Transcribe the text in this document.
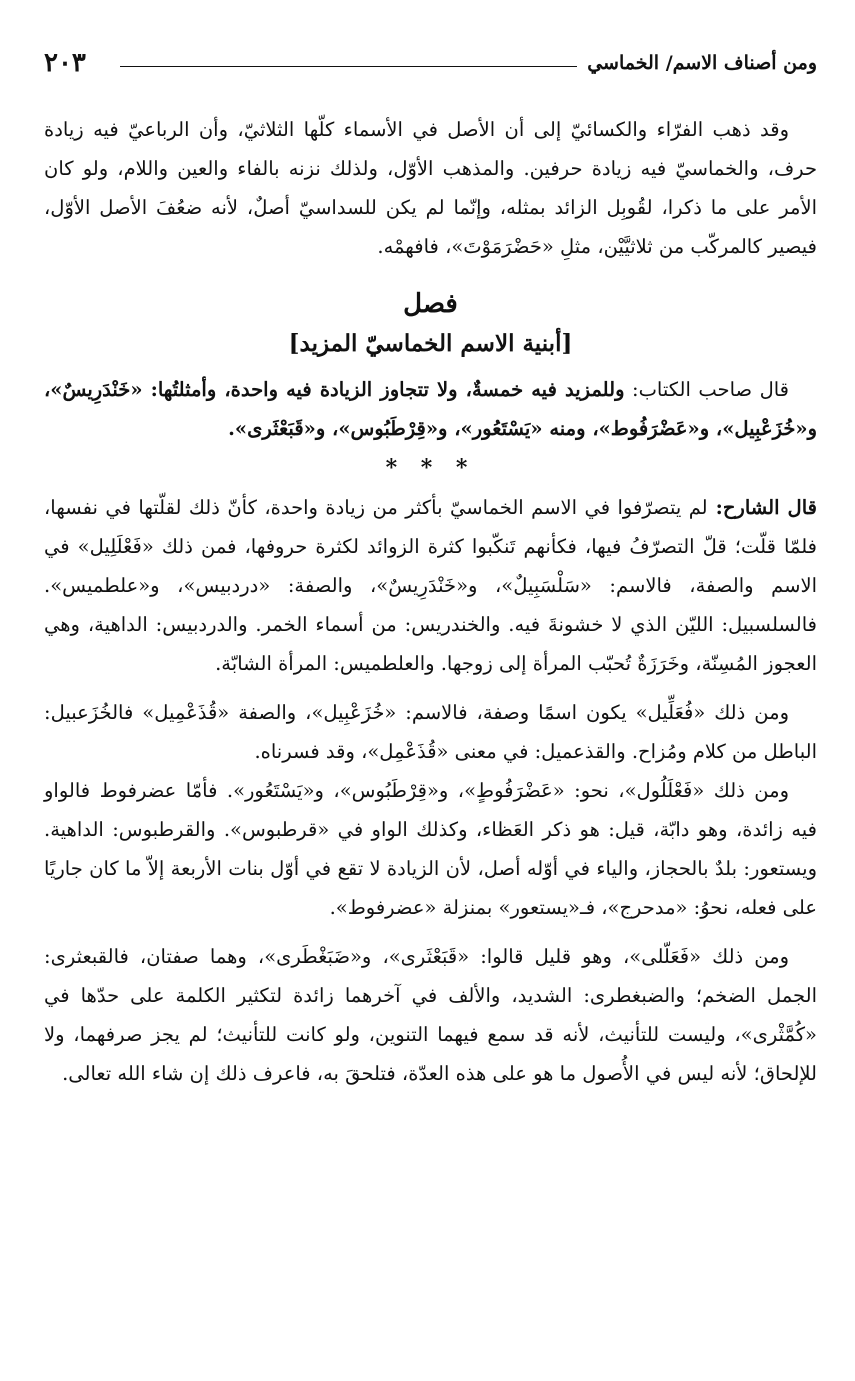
ومن أصناف الاسم/ الخماسي
٢٠٣

وقد ذهب الفرّاء والكسائيّ إلى أن الأصل في الأسماء كلّها الثلاثيّ، وأن الرباعيّ فيه زيادة حرف، والخماسيّ فيه زيادة حرفين. والمذهب الأوّل، ولذلك نزنه بالفاء والعين واللام، ولو كان الأمر على ما ذكرا، لقُوبِل الزائد بمثله، وإنّما لم يكن للسداسيّ أصلٌ، لأنه ضعُفَ الأصل الأوّل، فيصير كالمركّب من ثلاثيَّيْن، مثلِ «حَضْرَمَوْتَ»، فافهمْه.

فصل

[أبنية الاسم الخماسيّ المزيد]

قال صاحب الكتاب: وللمزيد فيه خمسةٌ، ولا تتجاوز الزيادة فيه واحدة، وأمثلتُها: «خَنْدَرِيسٌ»، و«خُزَعْبِيل»، و«عَضْرَفُوط»، ومنه «يَسْتَعُور»، و«قِرْطَبُوس»، و«قَبَعْثَرى».

* * *

قال الشارح: لم يتصرّفوا في الاسم الخماسيّ بأكثر من زيادة واحدة، كأنّ ذلك لقلّتها في نفسها، فلمّا قلّت؛ قلّ التصرّفُ فيها، فكأنهم تَنكّبوا كثرة الزوائد لكثرة حروفها، فمن ذلك «فَعْلَلِيل» في الاسم والصفة، فالاسم: «سَلْسَبِيلٌ»، و«خَنْدَرِيسٌ»، والصفة: «دردبيس»، و«علطميس». فالسلسبيل: الليّن الذي لا خشونةَ فيه. والخندريس: من أسماء الخمر. والدردبيس: الداهية، وهي العجوز المُسِنّة، وخَرَزَةٌ تُحبّب المرأة إلى زوجها. والعلطميس: المرأة الشابّة.

ومن ذلك «فُعَلِّيل» يكون اسمًا وصفة، فالاسم: «خُزَعْبِيل»، والصفة «قُذَعْمِيل» فالخُزَعبيل: الباطل من كلام ومُزاح. والقذعميل: في معنى «قُذَعْمِل»، وقد فسرناه.

ومن ذلك «فَعْلَلُول»، نحو: «عَضْرَفُوطٍ»، و«قِرْطَبُوس»، و«يَسْتَعُور». فأمّا عضرفوط فالواو فيه زائدة، وهو دابّة، قيل: هو ذكر العَظاء، وكذلك الواو في «قرطبوس». والقرطبوس: الداهية. ويستعور: بلدٌ بالحجاز، والياء في أوّله أصل، لأن الزيادة لا تقع في أوّل بنات الأربعة إلاّ ما كان جاريًا على فعله، نحوُ: «مدحرج»، فـ«يستعور» بمنزلة «عضرفوط».

ومن ذلك «فَعَلّلى»، وهو قليل قالوا: «قَبَعْثَرى»، و«ضَبَغْطَرى»، وهما صفتان، فالقبعثرى: الجمل الضخم؛ والضبغطرى: الشديد، والألف في آخرهما زائدة لتكثير الكلمة على حدّها في «كُمَّثْرى»، وليست للتأنيث، لأنه قد سمع فيهما التنوين، ولو كانت للتأنيث؛ لم يجز صرفهما، ولا للإلحاق؛ لأنه ليس في الأُصول ما هو على هذه العدّة، فتلحقَ به، فاعرف ذلك إن شاء الله تعالى.
